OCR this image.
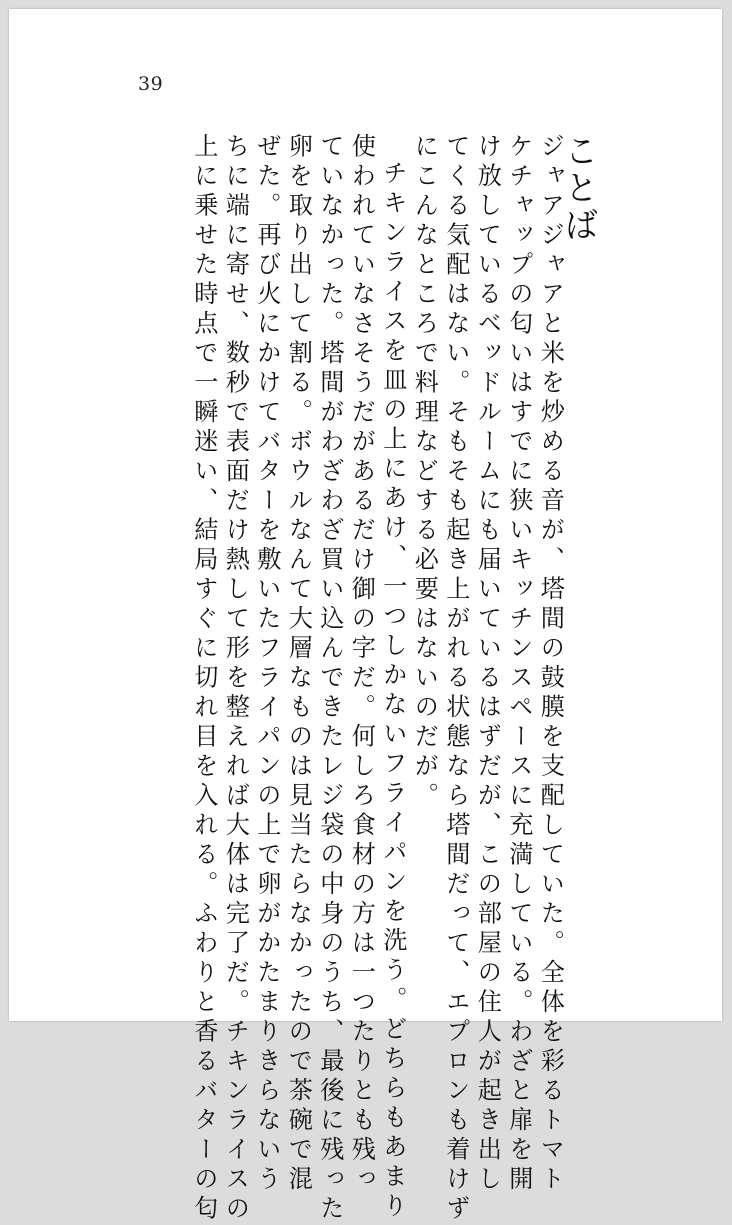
39
ことば
ジャアジャアと米を炒める音が、塔間の鼓膜を支配していた。全体を彩るトマト
ケチャップの匂いはすでに狭いキッチンスペースに充満している。わざと扉を開
け放しているベッドルームにも届いているはずだが、この部屋の住人が起き出し
てくる気配はない。そもそも起き上がれる状態なら塔間だって、エプロンも着けず
にこんなところで料理などする必要はないのだが。
チキンライスを皿の上にあけ、一つしかないフライパンを洗う。どちらもあまり
使われていなさそうだがあるだけ御の字だ。何しろ食材の方は一つたりとも残っ
ていなかった。塔間がわざわざ買い込んできたレジ袋の中身のうち、最後に残った
卵を取り出して割る。ボウルなんて大層なものは見当たらなかったので茶碗で混
ぜた。再び火にかけてバターを敷いたフライパンの上で卵がかたまりきらないう
ちに端に寄せ、数秒で表面だけ熱して形を整えれば大体は完了だ。チキンライスの
上に乗せた時点で一瞬迷い、結局すぐに切れ目を入れる。ふわりと香るバターの匂
